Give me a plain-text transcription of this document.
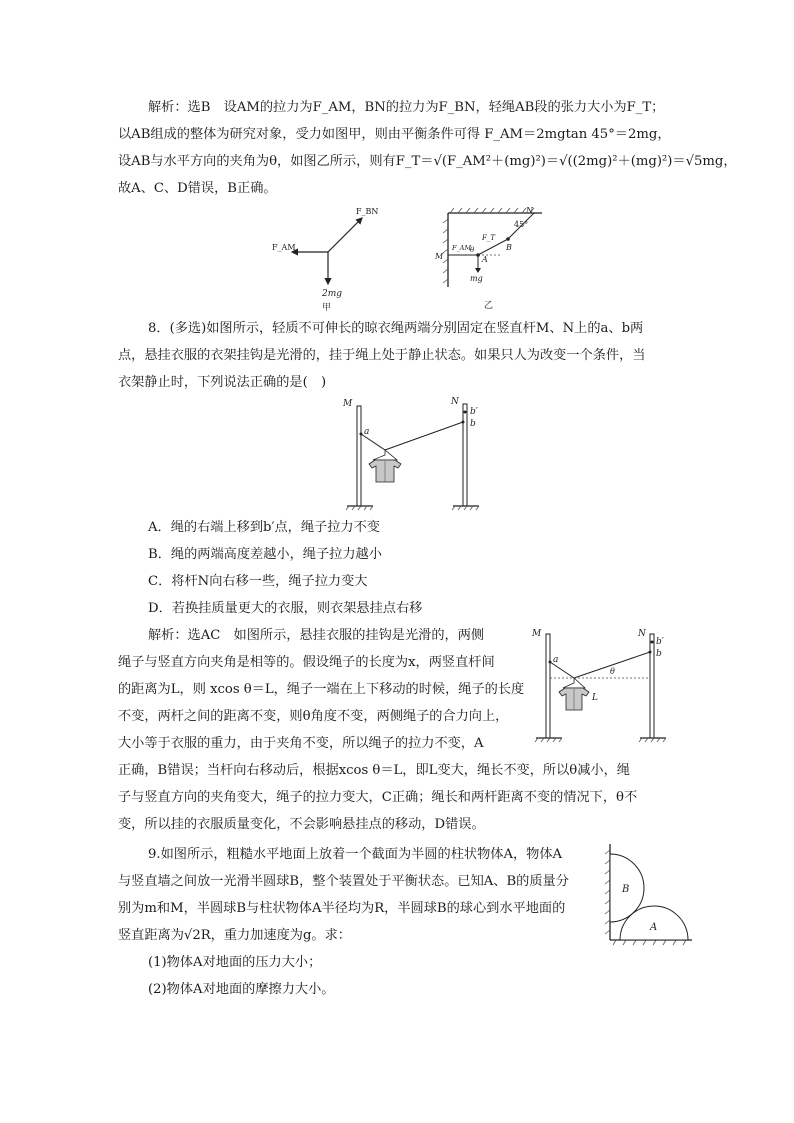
解析：选B　设AM的拉力为F_AM，BN的拉力为F_BN，轻绳AB段的张力大小为F_T；
以AB组成的整体为研究对象，受力如图甲，则由平衡条件可得 F_AM＝2mgtan 45°＝2mg，
设AB与水平方向的夹角为θ，如图乙所示，则有F_T＝√(F_AM²＋(mg)²)＝√((2mg)²＋(mg)²)＝√5mg，
故A、C、D错误，B正确。
F_BN
F_AM
2mg
甲
N
45°
F_T
F_AM
θ
M	A
B
mg
乙
8．(多选)如图所示，轻质不可伸长的晾衣绳两端分别固定在竖直杆M、N上的a、b两
点，悬挂衣服的衣架挂钩是光滑的，挂于绳上处于静止状态。如果只人为改变一个条件，当
衣架静止时，下列说法正确的是(　)
M	N
a
b′
b
A．绳的右端上移到b′点，绳子拉力不变
B．绳的两端高度差越小，绳子拉力越小
C．将杆N向右移一些，绳子拉力变大
D．若换挂质量更大的衣服，则衣架悬挂点右移
解析：选AC　如图所示，悬挂衣服的挂钩是光滑的，两侧
绳子与竖直方向夹角是相等的。假设绳子的长度为x，两竖直杆间
的距离为L，则 xcos θ＝L，绳子一端在上下移动的时候，绳子的长度
不变，两杆之间的距离不变，则θ角度不变，两侧绳子的合力向上，
大小等于衣服的重力，由于夹角不变，所以绳子的拉力不变，A
正确，B错误；当杆向右移动后，根据xcos θ＝L，即L变大，绳长不变，所以θ减小，绳
子与竖直方向的夹角变大，绳子的拉力变大，C正确；绳长和两杆距离不变的情况下，θ不
变，所以挂的衣服质量变化，不会影响悬挂点的移动，D错误。
M	N
a
b′
b
θ
L
9.如图所示，粗糙水平地面上放着一个截面为半圆的柱状物体A，物体A
与竖直墙之间放一光滑半圆球B，整个装置处于平衡状态。已知A、B的质量分
别为m和M，半圆球B与柱状物体A半径均为R，半圆球B的球心到水平地面的
竖直距离为√2R，重力加速度为g。求：
(1)物体A对地面的压力大小；
(2)物体A对地面的摩擦力大小。
B
A
